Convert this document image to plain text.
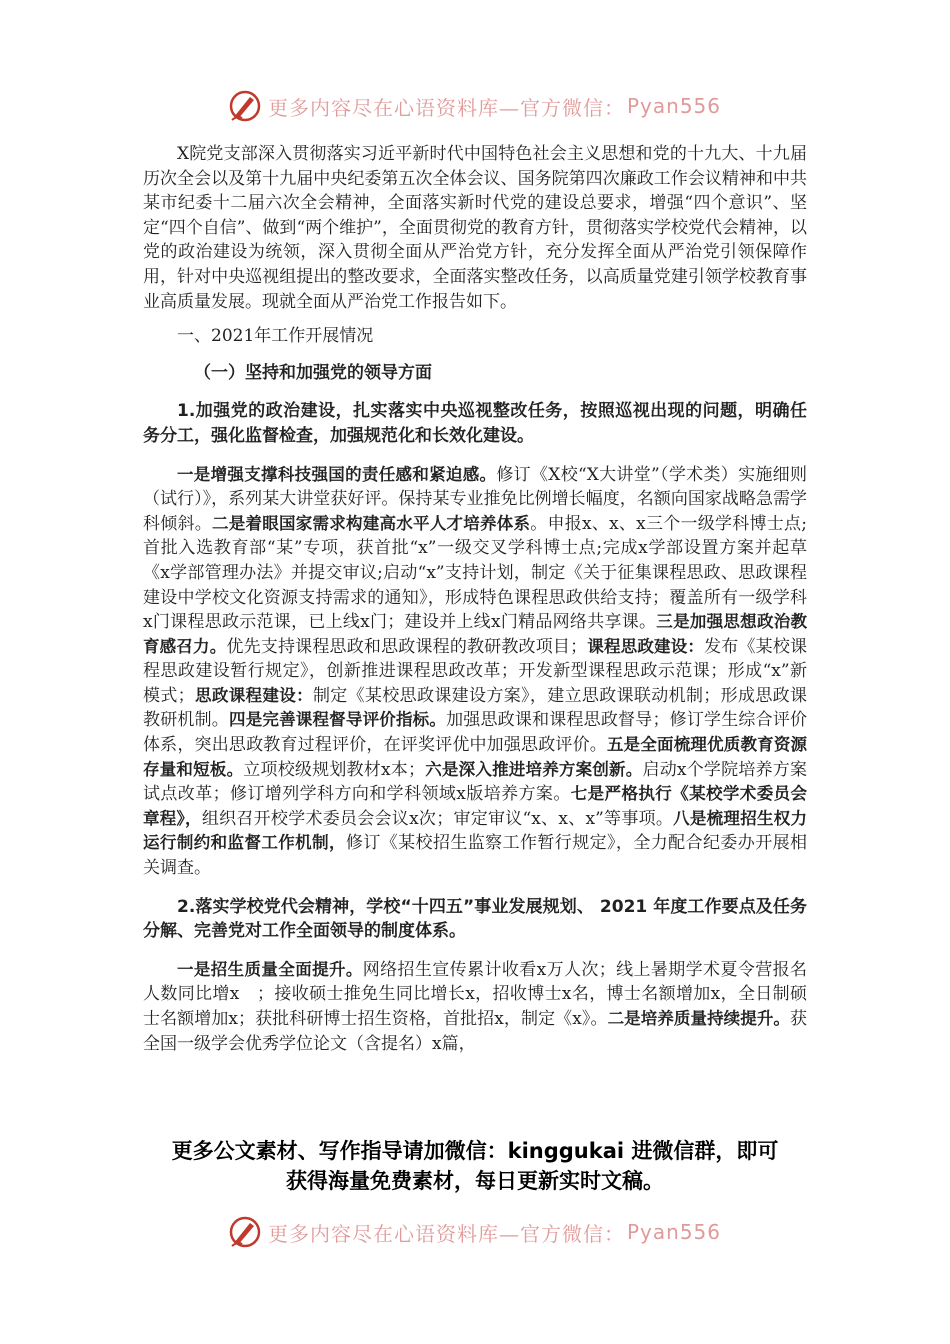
更多内容尽在心语资料库—官方微信： Pyan556

X院党支部深入贯彻落实习近平新时代中国特色社会主义思想和党的十九大、十九届历次全会以及第十九届中央纪委第五次全体会议、国务院第四次廉政工作会议精神和中共某市纪委十二届六次全会精神，全面落实新时代党的建设总要求，增强“四个意识”、坚定“四个自信”、做到“两个维护”，全面贯彻党的教育方针，贯彻落实学校党代会精神，以党的政治建设为统领，深入贯彻全面从严治党方针，充分发挥全面从严治党引领保障作用，针对中央巡视组提出的整改要求，全面落实整改任务，以高质量党建引领学校教育事业高质量发展。现就全面从严治党工作报告如下。

一、2021年工作开展情况

（一）坚持和加强党的领导方面

1.加强党的政治建设，扎实落实中央巡视整改任务，按照巡视出现的问题，明确任务分工，强化监督检查，加强规范化和长效化建设。

一是增强支撑科技强国的责任感和紧迫感。修订《X校“X大讲堂”（学术类）实施细则（试行）》，系列某大讲堂获好评。保持某专业推免比例增长幅度，名额向国家战略急需学科倾斜。二是着眼国家需求构建高水平人才培养体系。申报x、x、x三个一级学科博士点;首批入选教育部“某”专项，获首批“x”一级交叉学科博士点;完成x学部设置方案并起草《x学部管理办法》并提交审议;启动“x”支持计划，制定《关于征集课程思政、思政课程建设中学校文化资源支持需求的通知》，形成特色课程思政供给支持；覆盖所有一级学科x门课程思政示范课，已上线x门；建设并上线x门精品网络共享课。三是加强思想政治教育感召力。优先支持课程思政和思政课程的教研教改项目；课程思政建设：发布《某校课程思政建设暂行规定》，创新推进课程思政改革；开发新型课程思政示范课；形成“x”新模式；思政课程建设：制定《某校思政课建设方案》，建立思政课联动机制；形成思政课教研机制。四是完善课程督导评价指标。加强思政课和课程思政督导；修订学生综合评价体系，突出思政教育过程评价，在评奖评优中加强思政评价。五是全面梳理优质教育资源存量和短板。立项校级规划教材x本；六是深入推进培养方案创新。启动x个学院培养方案试点改革；修订增列学科方向和学科领域x版培养方案。七是严格执行《某校学术委员会章程》，组织召开校学术委员会会议x次；审定审议“x、x、x”等事项。八是梳理招生权力运行制约和监督工作机制，修订《某校招生监察工作暂行规定》，全力配合纪委办开展相关调查。

2.落实学校党代会精神，学校“十四五”事业发展规划、 2021 年度工作要点及任务分解、完善党对工作全面领导的制度体系。

一是招生质量全面提升。网络招生宣传累计收看x万人次；线上暑期学术夏令营报名人数同比增x　；接收硕士推免生同比增长x，招收博士x名，博士名额增加x，全日制硕士名额增加x；获批科研博士招生资格，首批招x，制定《x》。二是培养质量持续提升。获全国一级学会优秀学位论文（含提名）x篇，

更多公文素材、写作指导请加微信：kinggukai 进微信群，即可
获得海量免费素材，每日更新实时文稿。
更多内容尽在心语资料库—官方微信： Pyan556
